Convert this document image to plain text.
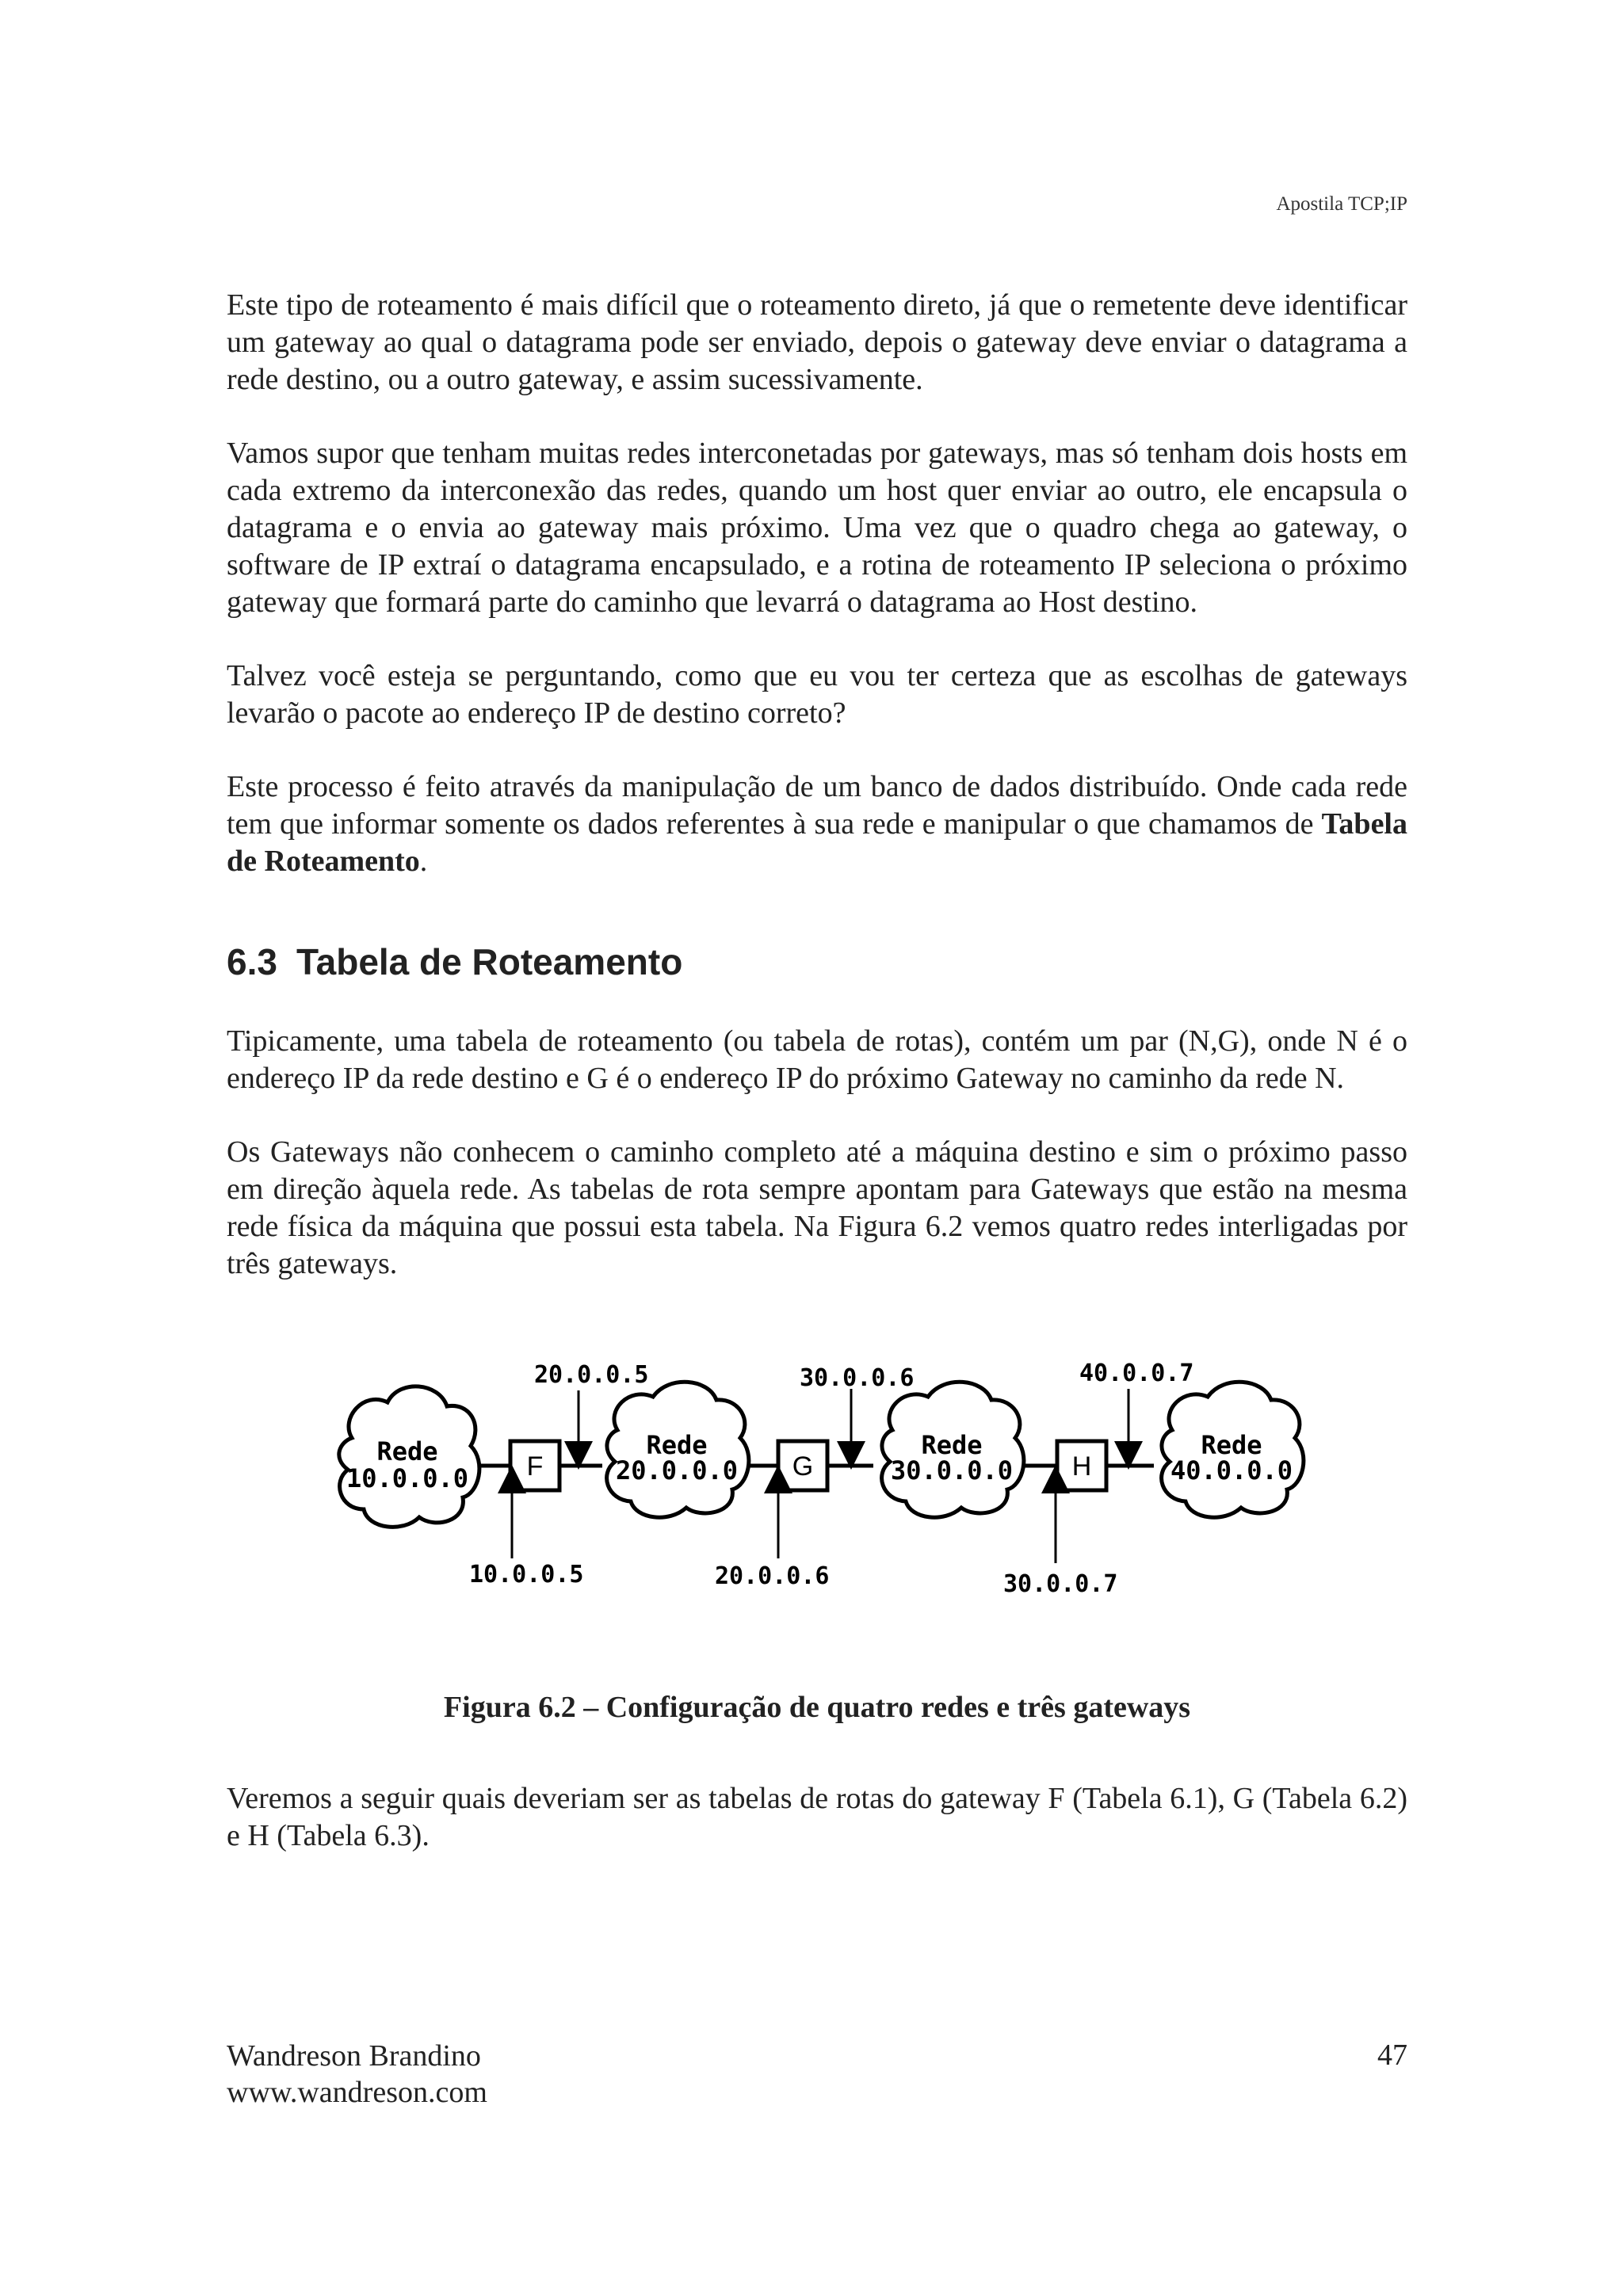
Apostila TCP;IP

Este tipo de roteamento é mais difícil que o roteamento direto, já que o remetente deve identificar um gateway ao qual o datagrama pode ser enviado, depois o gateway deve enviar o datagrama a rede destino, ou a outro gateway, e assim sucessivamente.

Vamos supor que tenham muitas redes interconetadas por gateways, mas só tenham dois hosts em cada extremo da interconexão das redes, quando um host quer enviar ao outro, ele encapsula o datagrama e o envia ao gateway mais próximo. Uma vez que o quadro chega ao gateway, o software de IP extraí o datagrama encapsulado, e a rotina de roteamento IP seleciona o próximo gateway que formará parte do caminho que levarrá o datagrama ao Host destino.

Talvez você esteja se perguntando, como que eu vou ter certeza que as escolhas de gateways levarão o pacote ao endereço IP de destino correto?

Este processo é feito através da manipulação de um banco de dados distribuído. Onde cada rede tem que informar somente os dados referentes à sua rede e manipular o que chamamos de Tabela de Roteamento.

6.3 Tabela de Roteamento

Tipicamente, uma tabela de roteamento (ou tabela de rotas), contém um par (N,G), onde N é o endereço IP da rede destino e G é o endereço IP do próximo Gateway no caminho da rede N.

Os Gateways não conhecem o caminho completo até a máquina destino e sim o próximo passo em direção àquela rede. As tabelas de rota sempre apontam para Gateways que estão na mesma rede física da máquina que possui esta tabela. Na Figura 6.2 vemos quatro redes interligadas por três gateways.

Rede
10.0.0.0
Rede
20.0.0.0
Rede
30.0.0.0
Rede
40.0.0.0
F	G	H
20.0.0.5	30.0.0.6	40.0.0.7
10.0.0.5	20.0.0.6	30.0.0.7
Figura 6.2 – Configuração de quatro redes e três gateways

Veremos a seguir quais deveriam ser as tabelas de rotas do gateway F (Tabela 6.1), G (Tabela 6.2) e H (Tabela 6.3).

Wandreson Brandino
www.wandreson.com
47
